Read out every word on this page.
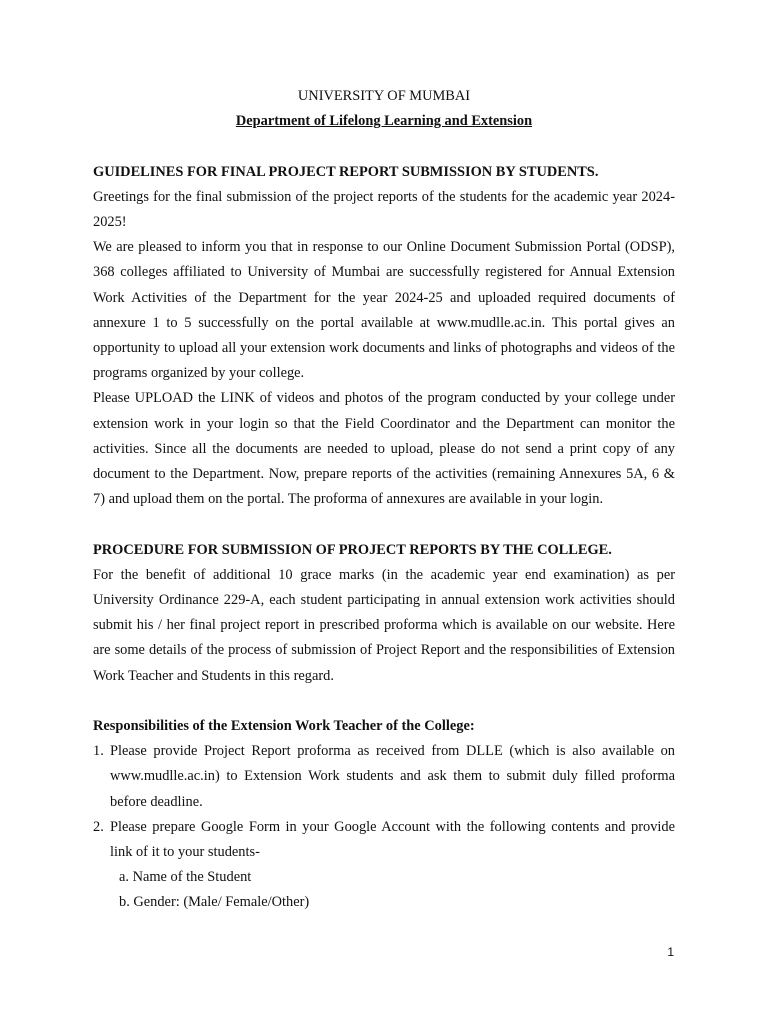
UNIVERSITY OF MUMBAI
Department of Lifelong Learning and Extension
GUIDELINES FOR FINAL PROJECT REPORT SUBMISSION BY STUDENTS.

Greetings for the final submission of the project reports of the students for the academic year 2024-2025!

We are pleased to inform you that in response to our Online Document Submission Portal (ODSP), 368 colleges affiliated to University of Mumbai are successfully registered for Annual Extension Work Activities of the Department for the year 2024-25 and uploaded required documents of annexure 1 to 5 successfully on the portal available at www.mudlle.ac.in. This portal gives an opportunity to upload all your extension work documents and links of photographs and videos of the programs organized by your college.

Please UPLOAD the LINK of videos and photos of the program conducted by your college under extension work in your login so that the Field Coordinator and the Department can monitor the activities. Since all the documents are needed to upload, please do not send a print copy of any document to the Department. Now, prepare reports of the activities (remaining Annexures 5A, 6 & 7) and upload them on the portal. The proforma of annexures are available in your login.

PROCEDURE FOR SUBMISSION OF PROJECT REPORTS BY THE COLLEGE.

For the benefit of additional 10 grace marks (in the academic year end examination) as per University Ordinance 229-A, each student participating in annual extension work activities should submit his / her final project report in prescribed proforma which is available on our website. Here are some details of the process of submission of Project Report and the responsibilities of Extension Work Teacher and Students in this regard.

Responsibilities of the Extension Work Teacher of the College:
1. Please provide Project Report proforma as received from DLLE (which is also available on www.mudlle.ac.in) to Extension Work students and ask them to submit duly filled proforma before deadline.
2. Please prepare Google Form in your Google Account with the following contents and provide link of it to your students-
a. Name of the Student
b. Gender: (Male/ Female/Other)
1
